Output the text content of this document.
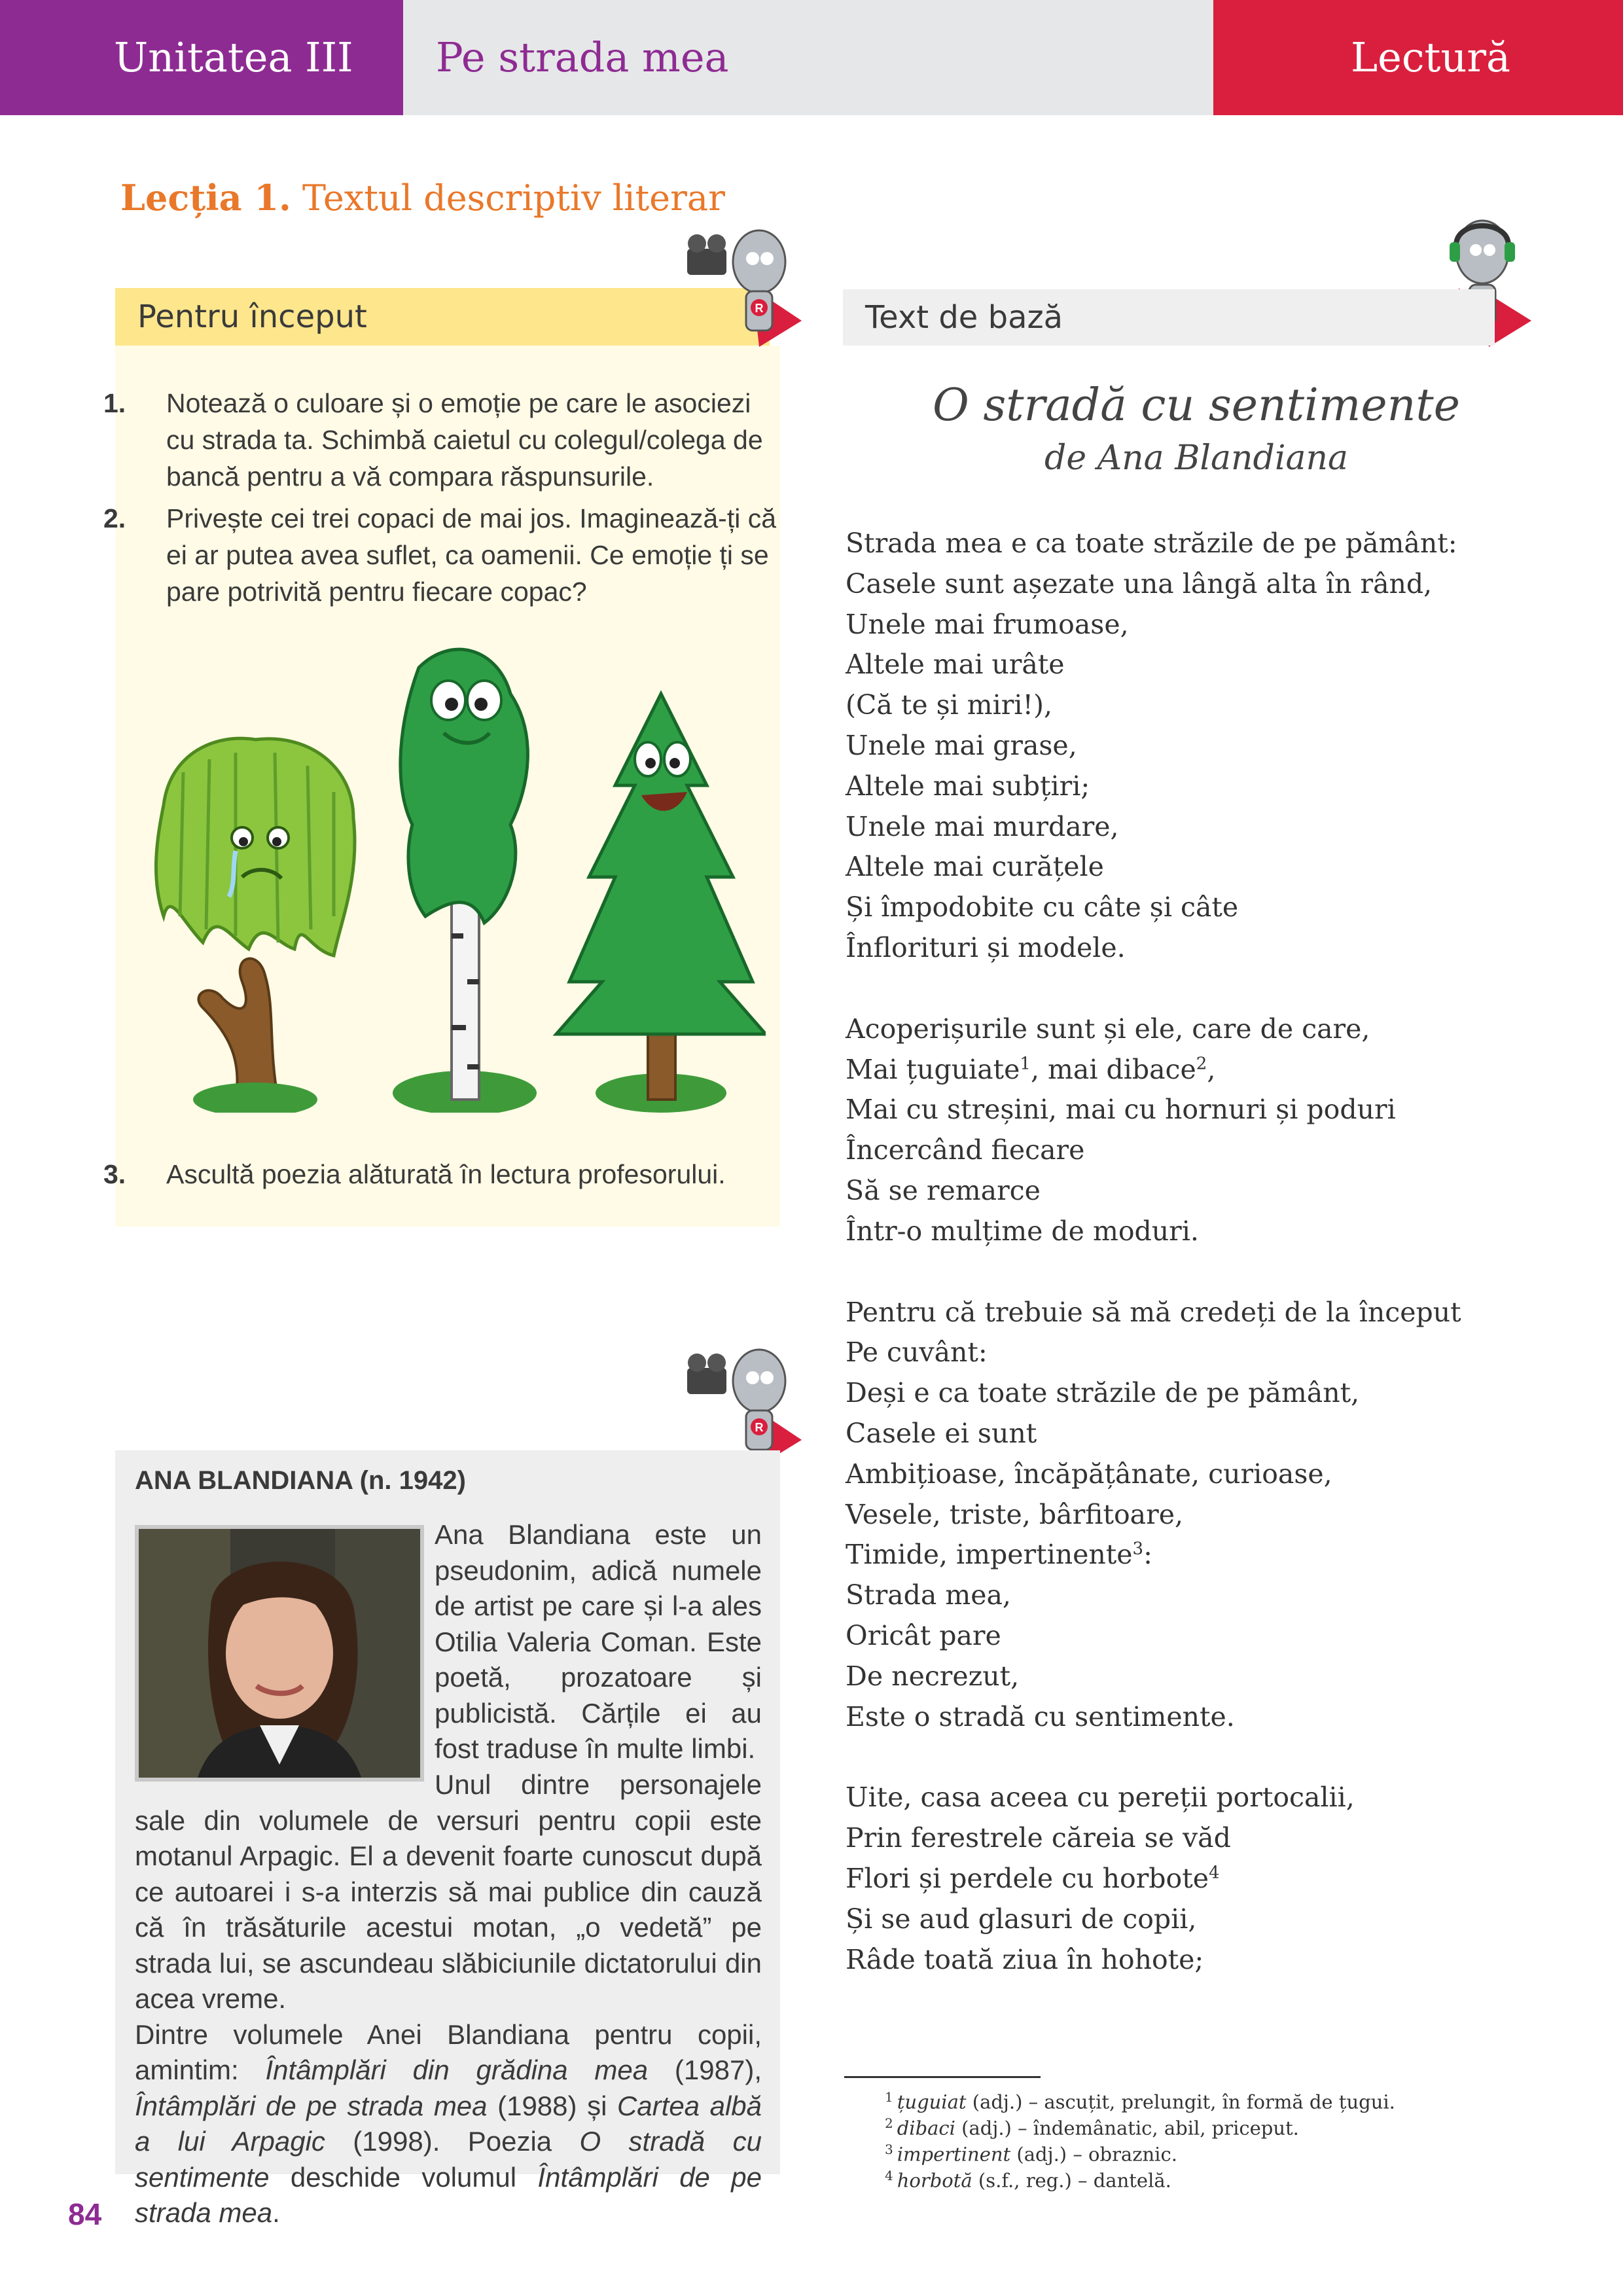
Unitatea III	Pe strada mea	Lectură
Lecția 1. Textul descriptiv literar
Pentru început
1. Notează o culoare și o emoție pe care le asociezi cu strada ta. Schimbă caietul cu colegul/colega de bancă pentru a vă compara răspunsurile.
2. Privește cei trei copaci de mai jos. Imaginează-ți că ei ar putea avea suflet, ca oamenii. Ce emoție ți se pare potrivită pentru fiecare copac?
3. Ascultă poezia alăturată în lectura profesorului.
R
R
Text de bază
O stradă cu sentimente
de Ana Blandiana
Strada mea e ca toate străzile de pe pământ:
Casele sunt așezate una lângă alta în rând,
Unele mai frumoase,
Altele mai urâte
(Că te și miri!),
Unele mai grase,
Altele mai subțiri;
Unele mai murdare,
Altele mai curățele
Și împodobite cu câte și câte
Înflorituri și modele.
Acoperișurile sunt și ele, care de care,
Mai țuguiate$^1$, mai dibace$^2$,
Mai cu streșini, mai cu hornuri și poduri
Încercând fiecare
Să se remarce
Într-o mulțime de moduri.
Pentru că trebuie să mă credeți de la început
Pe cuvânt:
Deși e ca toate străzile de pe pământ,
Casele ei sunt
Ambițioase, încăpățânate, curioase,
Vesele, triste, bârfitoare,
Timide, impertinente$^3$:
Strada mea,
Oricât pare
De necrezut,
Este o stradă cu sentimente.
Uite, casa aceea cu pereții portocalii,
Prin ferestrele căreia se văd
Flori și perdele cu horbote$^4$
Și se aud glasuri de copii,
Râde toată ziua în hohote;
$^1$ țuguiat (adj.) – ascuțit, prelungit, în formă de țugui.
$^2$ dibaci (adj.) – îndemânatic, abil, priceput.
$^3$ impertinent (adj.) – obraznic.
$^4$ horbotă (s.f., reg.) – dantelă.
ANA BLANDIANA (n. 1942)
Ana Blandiana este un pseudonim, adică numele de artist pe care și l-a ales Otilia Valeria Coman. Este poetă, prozatoare și publicistă. Cărțile ei au fost traduse în multe limbi.
Unul dintre personajele sale din volumele de versuri pentru copii este motanul Arpagic. El a devenit foarte cunoscut după ce autoarei i s-a interzis să mai publice din cauză că în trăsăturile acestui motan, „o vedetă” pe strada lui, se ascundeau slăbiciunile dictatorului din acea vreme.
Dintre volumele Anei Blandiana pentru copii, amintim: Întâmplări din grădina mea (1987), Întâmplări de pe strada mea (1988) și Cartea albă a lui Arpagic (1998). Poezia O stradă cu sentimente deschide volumul Întâmplări de pe strada mea.
84
